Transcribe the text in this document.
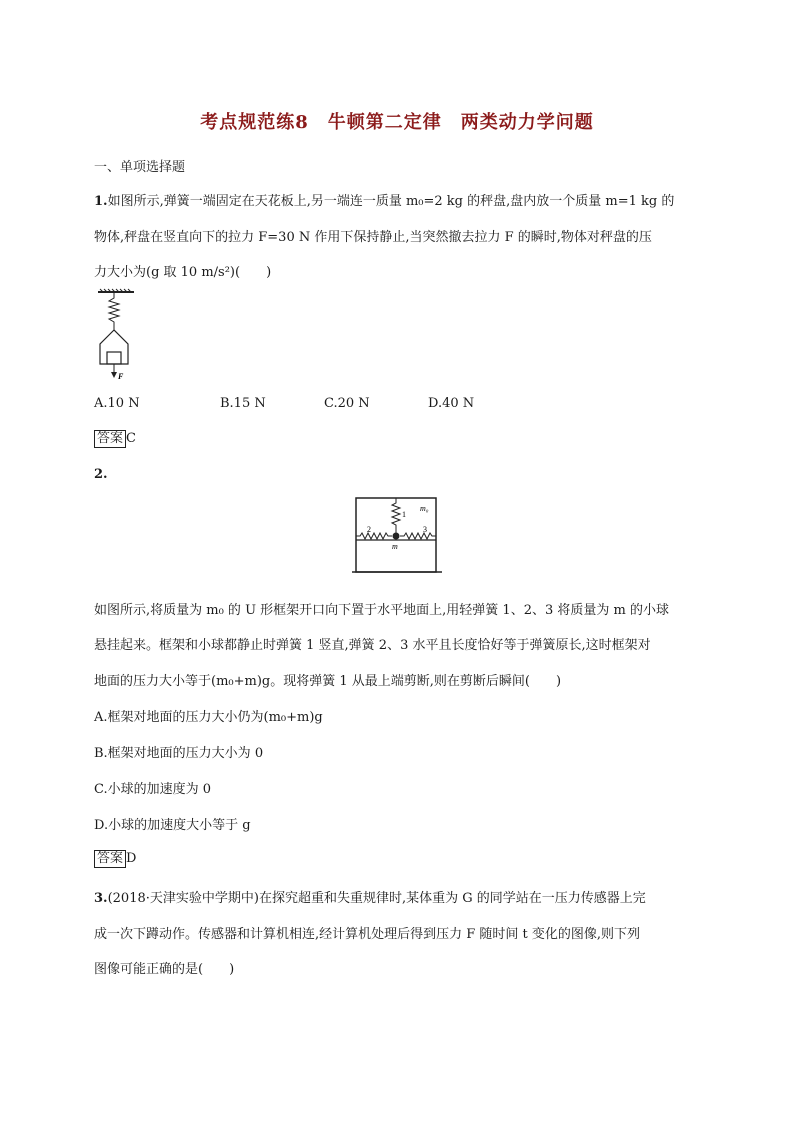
考点规范练8　牛顿第二定律　两类动力学问题
一、单项选择题
1.如图所示,弹簧一端固定在天花板上,另一端连一质量 m₀=2 kg 的秤盘,盘内放一个质量 m=1 kg 的
物体,秤盘在竖直向下的拉力 F=30 N 作用下保持静止,当突然撤去拉力 F 的瞬时,物体对秤盘的压
力大小为(g 取 10 m/s²)(　　)
F
A.10 N	B.15 N	C.20 N	D.40 N
答案 C
2.
1
2	3
m₀
m
如图所示,将质量为 m₀ 的 U 形框架开口向下置于水平地面上,用轻弹簧 1、2、3 将质量为 m 的小球
悬挂起来。框架和小球都静止时弹簧 1 竖直,弹簧 2、3 水平且长度恰好等于弹簧原长,这时框架对
地面的压力大小等于(m₀+m)g。现将弹簧 1 从最上端剪断,则在剪断后瞬间(　　)
A.框架对地面的压力大小仍为(m₀+m)g
B.框架对地面的压力大小为 0
C.小球的加速度为 0
D.小球的加速度大小等于 g
答案 D
3.(2018·天津实验中学期中)在探究超重和失重规律时,某体重为 G 的同学站在一压力传感器上完
成一次下蹲动作。传感器和计算机相连,经计算机处理后得到压力 F 随时间 t 变化的图像,则下列
图像可能正确的是(　　)
